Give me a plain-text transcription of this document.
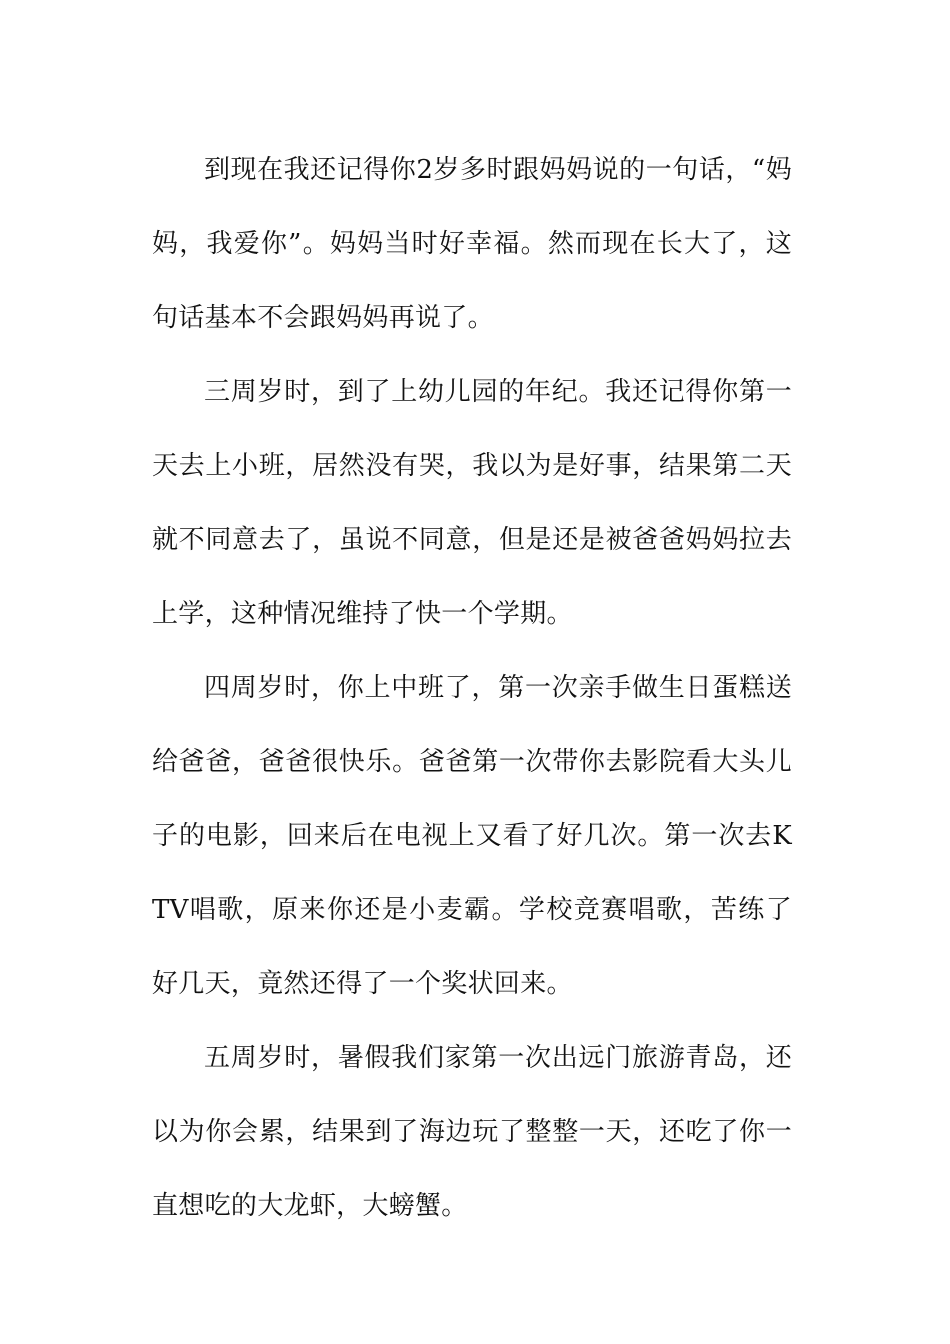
到现在我还记得你2岁多时跟妈妈说的一句话，“妈妈，我爱你”。妈妈当时好幸福。然而现在长大了，这句话基本不会跟妈妈再说了。

三周岁时，到了上幼儿园的年纪。我还记得你第一天去上小班，居然没有哭，我以为是好事，结果第二天就不同意去了，虽说不同意，但是还是被爸爸妈妈拉去上学，这种情况维持了快一个学期。

四周岁时，你上中班了，第一次亲手做生日蛋糕送给爸爸，爸爸很快乐。爸爸第一次带你去影院看大头儿子的电影，回来后在电视上又看了好几次。第一次去KTV唱歌，原来你还是小麦霸。学校竞赛唱歌，苦练了好几天，竟然还得了一个奖状回来。

五周岁时，暑假我们家第一次出远门旅游青岛，还以为你会累，结果到了海边玩了整整一天，还吃了你一直想吃的大龙虾，大螃蟹。
